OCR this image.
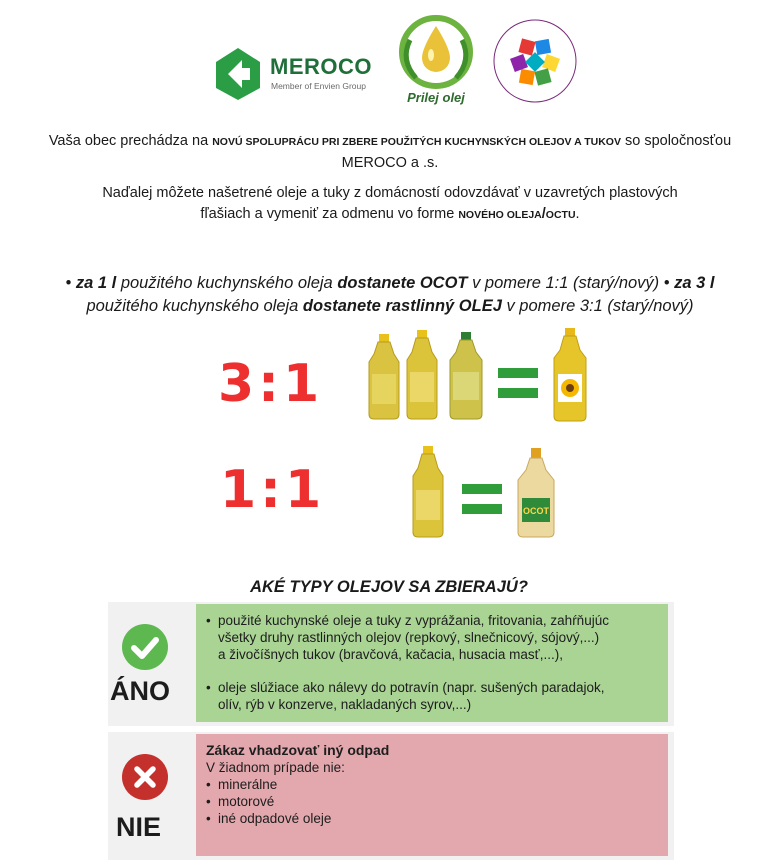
MEROCO
Member of Envien Group
Prilej olej
Vaša obec prechádza na NOVÚ SPOLUPRÁCU PRI ZBERE POUŽITÝCH KUCHYNSKÝCH OLEJOV A TUKOV so spoločnosťou
MEROCO a .s.
Naďalej môžete našetrené oleje a tuky z domácností odovzdávať v uzavretých plastových
fľašiach a vymeniť za odmenu vo forme NOVÉHO OLEJA/OCTU.
• za 1 l použitého kuchynského oleja dostanete OCOT v pomere 1:1 (starý/nový) • za 3 l
použitého kuchynského oleja dostanete rastlinný OLEJ v pomere 3:1 (starý/nový)
3:1
1:1	OCOT
AKÉ TYPY OLEJOV SA ZBIERAJÚ?
ÁNO
• použité kuchynské oleje a tuky z vyprážania, fritovania, zahŕňujúc
všetky druhy rastlinných olejov (repkový, slnečnicový, sójový,...)
a živočíšnych tukov (bravčová, kačacia, husacia masť,...),
• oleje slúžiace ako nálevy do potravín (napr. sušených paradajok,
olív, rýb v konzerve, nakladaných syrov,...)
NIE
Zákaz vhadzovať iný odpad
V žiadnom prípade nie:
• minerálne
• motorové
• iné odpadové oleje
